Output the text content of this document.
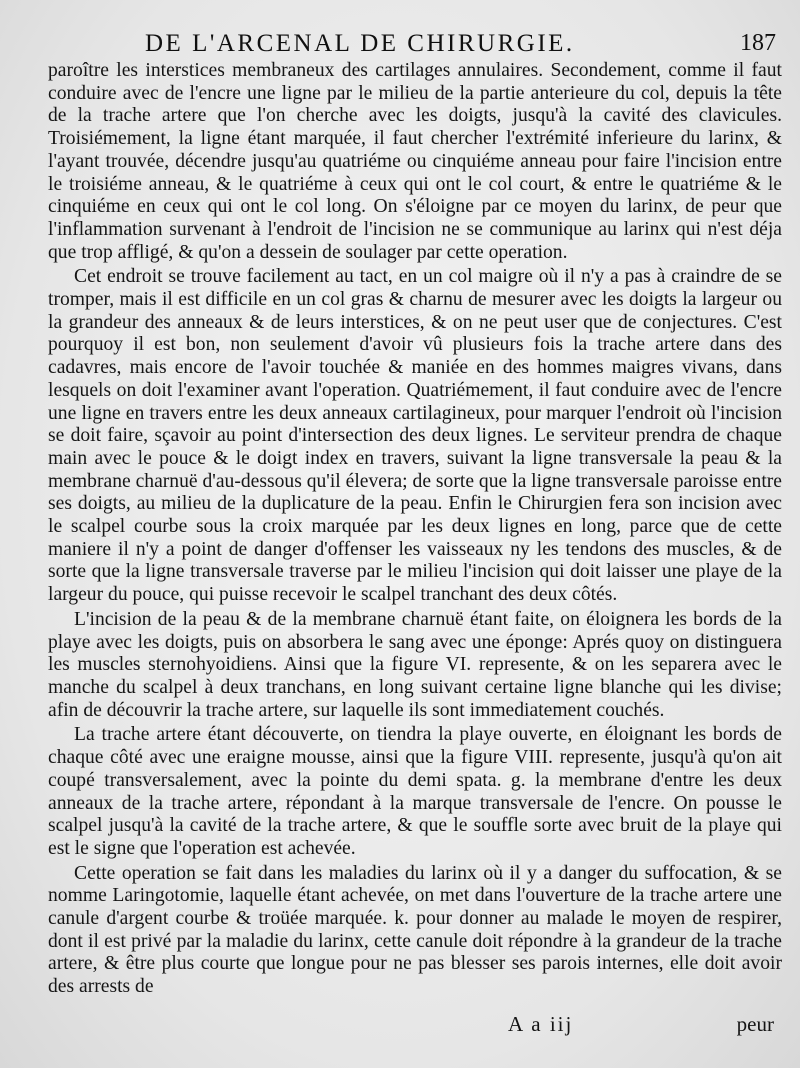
DE L'ARCENAL DE CHIRURGIE.	187

paroître les interstices membraneux des cartilages annulaires. Secondement, comme il faut conduire avec de l'encre une ligne par le milieu de la partie anterieure du col, depuis la tête de la trache artere que l'on cherche avec les doigts, jusqu'à la cavité des clavicules. Troisiémement, la ligne étant marquée, il faut chercher l'extrémité inferieure du larinx, & l'ayant trouvée, décendre jusqu'au quatriéme ou cinquiéme anneau pour faire l'incision entre le troisiéme anneau, & le quatriéme à ceux qui ont le col court, & entre le quatriéme & le cinquiéme en ceux qui ont le col long. On s'éloigne par ce moyen du larinx, de peur que l'inflammation survenant à l'endroit de l'incision ne se communique au larinx qui n'est déja que trop affligé, & qu'on a dessein de soulager par cette operation.

Cet endroit se trouve facilement au tact, en un col maigre où il n'y a pas à craindre de se tromper, mais il est difficile en un col gras & charnu de mesurer avec les doigts la largeur ou la grandeur des anneaux & de leurs interstices, & on ne peut user que de conjectures. C'est pourquoy il est bon, non seulement d'avoir vû plusieurs fois la trache artere dans des cadavres, mais encore de l'avoir touchée & maniée en des hommes maigres vivans, dans lesquels on doit l'examiner avant l'operation. Quatriémement, il faut conduire avec de l'encre une ligne en travers entre les deux anneaux cartilagineux, pour marquer l'endroit où l'incision se doit faire, sçavoir au point d'intersection des deux lignes. Le serviteur prendra de chaque main avec le pouce & le doigt index en travers, suivant la ligne transversale la peau & la membrane charnuë d'au-dessous qu'il élevera; de sorte que la ligne transversale paroisse entre ses doigts, au milieu de la duplicature de la peau. Enfin le Chirurgien fera son incision avec le scalpel courbe sous la croix marquée par les deux lignes en long, parce que de cette maniere il n'y a point de danger d'offenser les vaisseaux ny les tendons des muscles, & de sorte que la ligne transversale traverse par le milieu l'incision qui doit laisser une playe de la largeur du pouce, qui puisse recevoir le scalpel tranchant des deux côtés.

L'incision de la peau & de la membrane charnuë étant faite, on éloignera les bords de la playe avec les doigts, puis on absorbera le sang avec une éponge: Aprés quoy on distinguera les muscles sternohyoidiens. Ainsi que la figure VI. represente, & on les separera avec le manche du scalpel à deux tranchans, en long suivant certaine ligne blanche qui les divise; afin de découvrir la trache artere, sur laquelle ils sont immediatement couchés.

La trache artere étant découverte, on tiendra la playe ouverte, en éloignant les bords de chaque côté avec une eraigne mousse, ainsi que la figure VIII. represente, jusqu'à qu'on ait coupé transversalement, avec la pointe du demi spata. g. la membrane d'entre les deux anneaux de la trache artere, répondant à la marque transversale de l'encre. On pousse le scalpel jusqu'à la cavité de la trache artere, & que le souffle sorte avec bruit de la playe qui est le signe que l'operation est achevée.

Cette operation se fait dans les maladies du larinx où il y a danger du suffocation, & se nomme Laringotomie, laquelle étant achevée, on met dans l'ouverture de la trache artere une canule d'argent courbe & troüée marquée. k. pour donner au malade le moyen de respirer, dont il est privé par la maladie du larinx, cette canule doit répondre à la grandeur de la trache artere, & être plus courte que longue pour ne pas blesser ses parois internes, elle doit avoir des arrests de

A a iij	peur
